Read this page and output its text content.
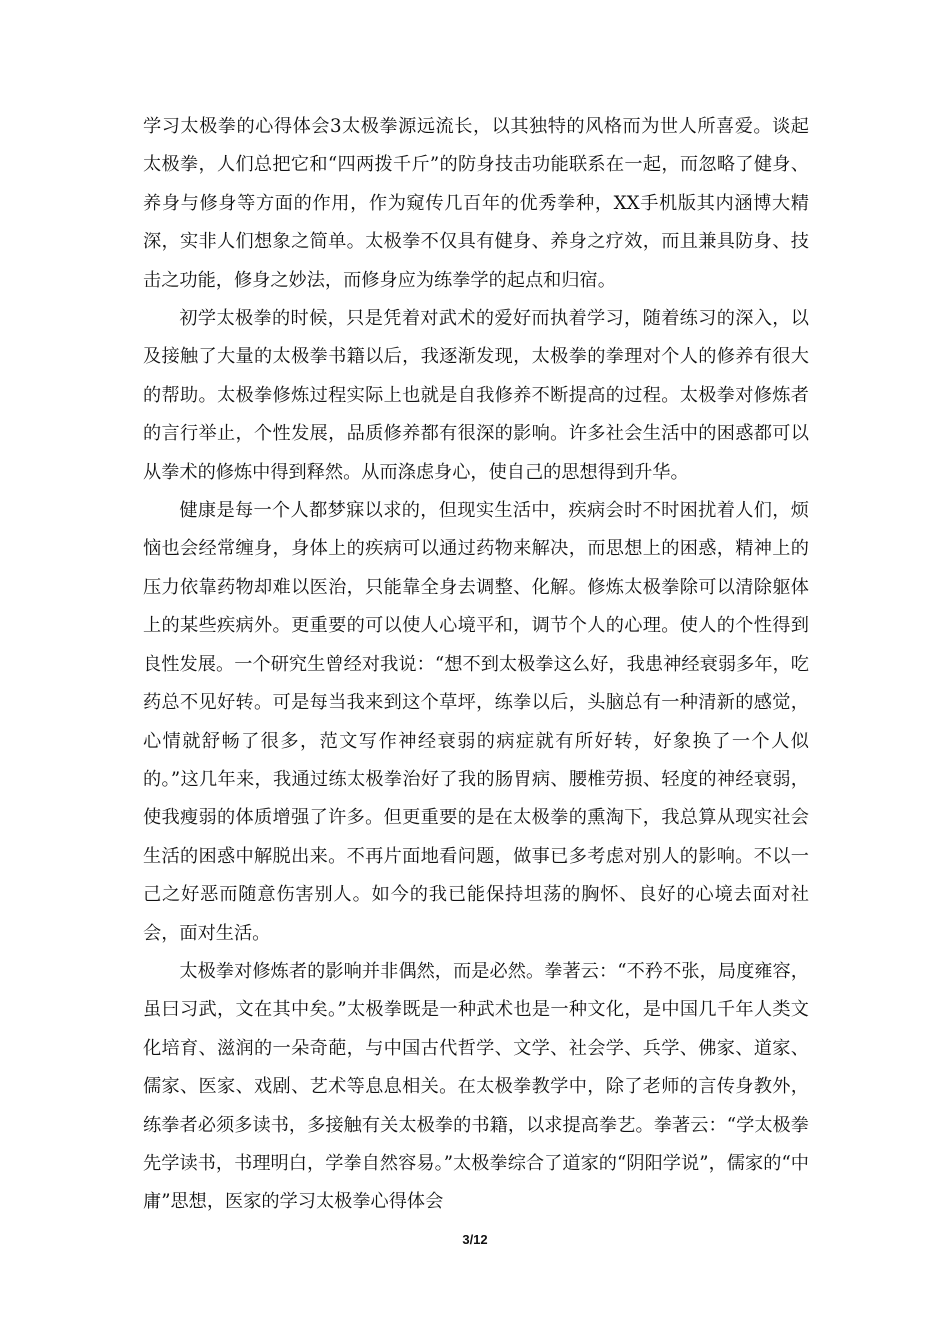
学习太极拳的心得体会3太极拳源远流长，以其独特的风格而为世人所喜爱。谈起太极拳，人们总把它和“四两拨千斤”的防身技击功能联系在一起，而忽略了健身、养身与修身等方面的作用，作为窥传几百年的优秀拳种，XX手机版其内涵博大精深，实非人们想象之简单。太极拳不仅具有健身、养身之疗效，而且兼具防身、技击之功能，修身之妙法，而修身应为练拳学的起点和归宿。

初学太极拳的时候，只是凭着对武术的爱好而执着学习，随着练习的深入，以及接触了大量的太极拳书籍以后，我逐渐发现，太极拳的拳理对个人的修养有很大的帮助。太极拳修炼过程实际上也就是自我修养不断提高的过程。太极拳对修炼者的言行举止，个性发展，品质修养都有很深的影响。许多社会生活中的困惑都可以从拳术的修炼中得到释然。从而涤虑身心，使自己的思想得到升华。

健康是每一个人都梦寐以求的，但现实生活中，疾病会时不时困扰着人们，烦恼也会经常缠身，身体上的疾病可以通过药物来解决，而思想上的困惑，精神上的压力依靠药物却难以医治，只能靠全身去调整、化解。修炼太极拳除可以清除躯体上的某些疾病外。更重要的可以使人心境平和，调节个人的心理。使人的个性得到良性发展。一个研究生曾经对我说：“想不到太极拳这么好，我患神经衰弱多年，吃药总不见好转。可是每当我来到这个草坪，练拳以后，头脑总有一种清新的感觉，心情就舒畅了很多，范文写作神经衰弱的病症就有所好转，好象换了一个人似的。”这几年来，我通过练太极拳治好了我的肠胃病、腰椎劳损、轻度的神经衰弱，使我瘦弱的体质增强了许多。但更重要的是在太极拳的熏淘下，我总算从现实社会生活的困惑中解脱出来。不再片面地看问题，做事已多考虑对别人的影响。不以一己之好恶而随意伤害别人。如今的我已能保持坦荡的胸怀、良好的心境去面对社会，面对生活。

太极拳对修炼者的影响并非偶然，而是必然。拳著云：“不矜不张，局度雍容，虽曰习武，文在其中矣。”太极拳既是一种武术也是一种文化，是中国几千年人类文化培育、滋润的一朵奇葩，与中国古代哲学、文学、社会学、兵学、佛家、道家、儒家、医家、戏剧、艺术等息息相关。在太极拳教学中，除了老师的言传身教外，练拳者必须多读书，多接触有关太极拳的书籍，以求提高拳艺。拳著云：“学太极拳先学读书，书理明白，学拳自然容易。”太极拳综合了道家的“阴阳学说”，儒家的“中庸”思想，医家的学习太极拳心得体会

3/12
